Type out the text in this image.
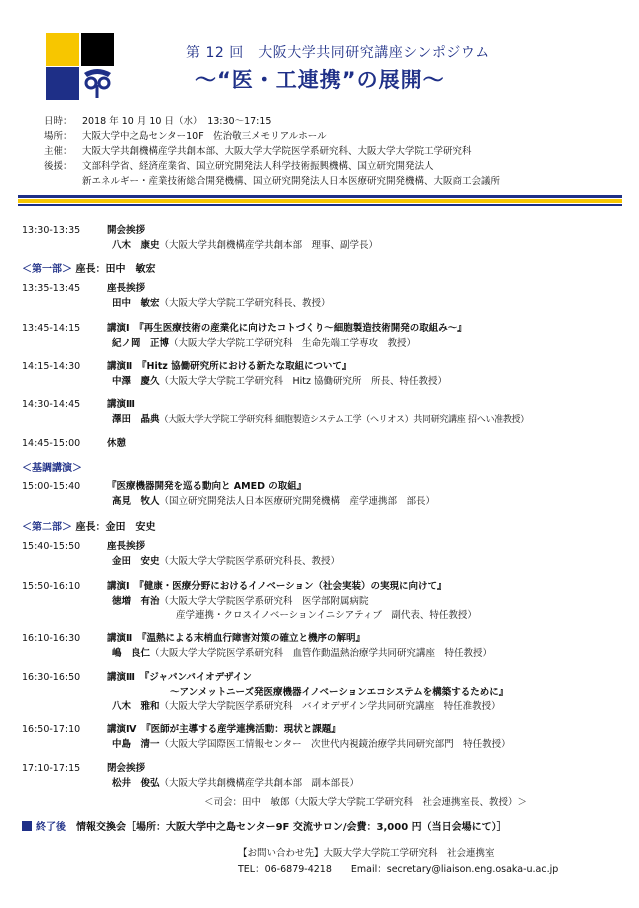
第 12 回　大阪大学共同研究講座シンポジウム
～“医・工連携”の展開～
日時： 2018 年 10 月 10 日（水）　13:30～17:15
場所： 大阪大学中之島センター10F　佐治敬三メモリアルホール
主催： 大阪大学共創機構産学共創本部、大阪大学大学院医学系研究科、大阪大学大学院工学研究科
後援： 文部科学省、経済産業省、国立研究開発法人科学技術振興機構、国立研究開発法人
新エネルギー・産業技術総合開発機構、国立研究開発法人日本医療研究開発機構、大阪商工会議所
13:30-13:35	開会挨拶
八木　康史（大阪大学共創機構産学共創本部　理事、副学長）
＜第一部＞ 座長：田中　敏宏
13:35-13:45	座長挨拶
田中　敏宏（大阪大学大学院工学研究科長、教授）
13:45-14:15	講演Ⅰ　『再生医療技術の産業化に向けたコトづくり～細胞製造技術開発の取組み～』
紀ノ岡　正博（大阪大学大学院工学研究科　生命先端工学専攻　教授）
14:15-14:30	講演Ⅱ　『Hitz 協働研究所における新たな取組について』
中澤　慶久（大阪大学大学院工学研究科　Hitz 協働研究所　所長、特任教授）
14:30-14:45	講演Ⅲ
澤田　晶典（大阪大学大学院工学研究科 細胞製造システム工学（ヘリオス）共同研究講座 招へい准教授）
14:45-15:00	休憩
＜基調講演＞
15:00-15:40	『医療機器開発を巡る動向と AMED の取組』
高見　牧人（国立研究開発法人日本医療研究開発機構　産学連携部　部長）
＜第二部＞ 座長：金田　安史
15:40-15:50	座長挨拶
金田　安史（大阪大学大学院医学系研究科長、教授）
15:50-16:10	講演Ⅰ　『健康・医療分野におけるイノベーション（社会実装）の実現に向けて』
徳増　有治（大阪大学大学院医学系研究科　医学部附属病院
産学連携・クロスイノベーションイニシアティブ　副代表、特任教授）
16:10-16:30	講演Ⅱ　『温熱による末梢血行障害対策の確立と機序の解明』
嶋　良仁（大阪大学大学院医学系研究科　血管作動温熱治療学共同研究講座　特任教授）
16:30-16:50	講演Ⅲ　『ジャパンバイオデザイン
～アンメットニーズ発医療機器イノベーションエコシステムを構築するために』
八木　雅和（大阪大学大学院医学系研究科　バイオデザイン学共同研究講座　特任准教授）
16:50-17:10	講演Ⅳ　『医師が主導する産学連携活動：現状と課題』
中島　清一（大阪大学国際医工情報センター　次世代内視鏡治療学共同研究部門　特任教授）
17:10-17:15	閉会挨拶
松井　俊弘（大阪大学共創機構産学共創本部　副本部長）
＜司会：田中　敏郎（大阪大学大学院工学研究科　社会連携室長、教授）＞
終了後　 情報交換会［場所：大阪大学中之島センター9F 交流サロン/会費：3,000 円（当日会場にて）］
【お問い合わせ先】大阪大学大学院工学研究科　社会連携室
TEL：06-6879-4218　　Email：secretary@liaison.eng.osaka-u.ac.jp
